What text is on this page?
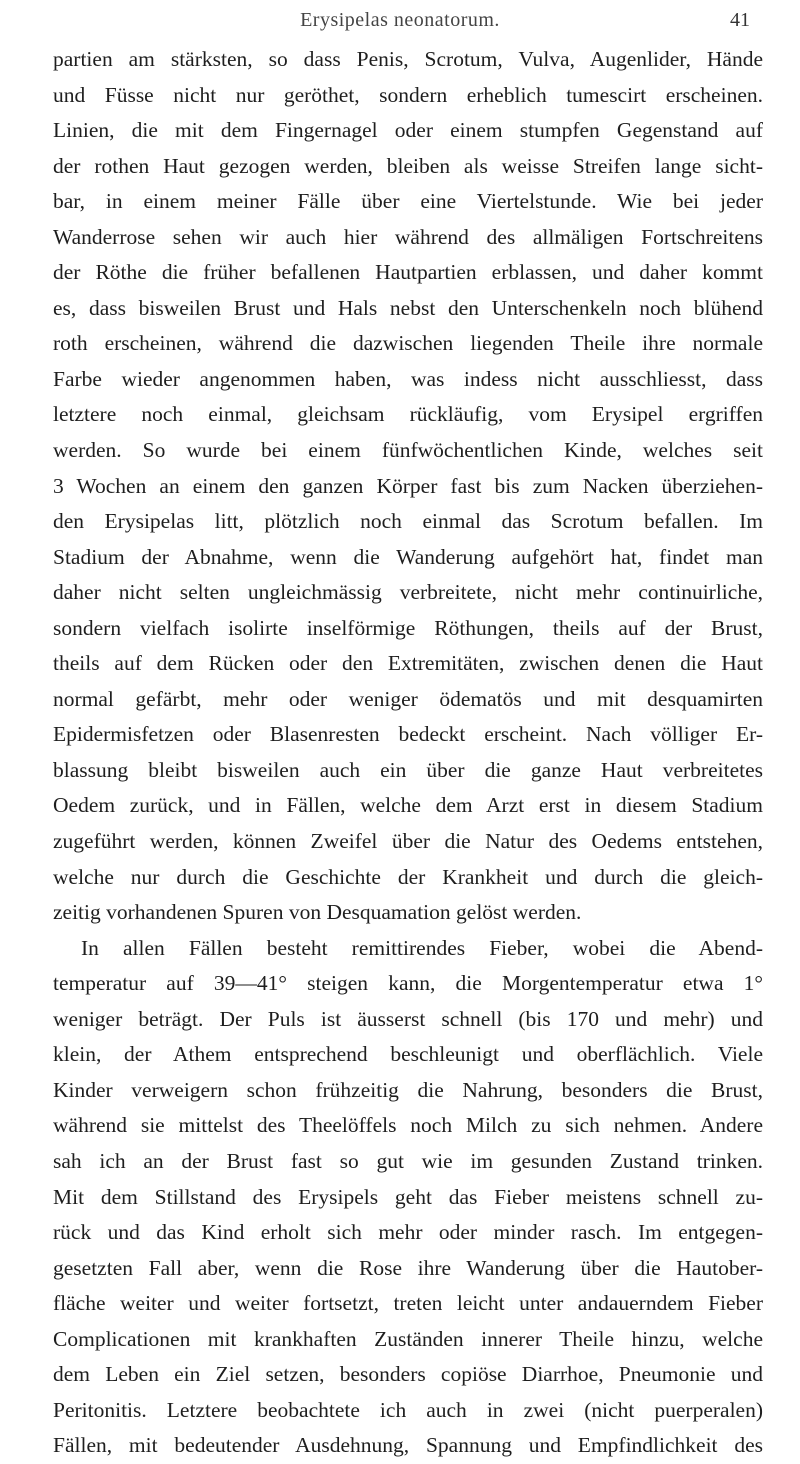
Erysipelas neonatorum.	41
partien am stärksten, so dass Penis, Scrotum, Vulva, Augenlider, Hände
und Füsse nicht nur geröthet, sondern erheblich tumescirt erscheinen.
Linien, die mit dem Fingernagel oder einem stumpfen Gegenstand auf
der rothen Haut gezogen werden, bleiben als weisse Streifen lange sicht-
bar, in einem meiner Fälle über eine Viertelstunde. Wie bei jeder
Wanderrose sehen wir auch hier während des allmäligen Fortschreitens
der Röthe die früher befallenen Hautpartien erblassen, und daher kommt
es, dass bisweilen Brust und Hals nebst den Unterschenkeln noch blühend
roth erscheinen, während die dazwischen liegenden Theile ihre normale
Farbe wieder angenommen haben, was indess nicht ausschliesst, dass
letztere noch einmal, gleichsam rückläufig, vom Erysipel ergriffen
werden. So wurde bei einem fünfwöchentlichen Kinde, welches seit
3 Wochen an einem den ganzen Körper fast bis zum Nacken überziehen-
den Erysipelas litt, plötzlich noch einmal das Scrotum befallen. Im
Stadium der Abnahme, wenn die Wanderung aufgehört hat, findet man
daher nicht selten ungleichmässig verbreitete, nicht mehr continuirliche,
sondern vielfach isolirte inselförmige Röthungen, theils auf der Brust,
theils auf dem Rücken oder den Extremitäten, zwischen denen die Haut
normal gefärbt, mehr oder weniger ödematös und mit desquamirten
Epidermisfetzen oder Blasenresten bedeckt erscheint. Nach völliger Er-
blassung bleibt bisweilen auch ein über die ganze Haut verbreitetes
Oedem zurück, und in Fällen, welche dem Arzt erst in diesem Stadium
zugeführt werden, können Zweifel über die Natur des Oedems entstehen,
welche nur durch die Geschichte der Krankheit und durch die gleich-
zeitig vorhandenen Spuren von Desquamation gelöst werden.
In allen Fällen besteht remittirendes Fieber, wobei die Abend-
temperatur auf 39—41° steigen kann, die Morgentemperatur etwa 1°
weniger beträgt. Der Puls ist äusserst schnell (bis 170 und mehr) und
klein, der Athem entsprechend beschleunigt und oberflächlich. Viele
Kinder verweigern schon frühzeitig die Nahrung, besonders die Brust,
während sie mittelst des Theelöffels noch Milch zu sich nehmen. Andere
sah ich an der Brust fast so gut wie im gesunden Zustand trinken.
Mit dem Stillstand des Erysipels geht das Fieber meistens schnell zu-
rück und das Kind erholt sich mehr oder minder rasch. Im entgegen-
gesetzten Fall aber, wenn die Rose ihre Wanderung über die Hautober-
fläche weiter und weiter fortsetzt, treten leicht unter andauerndem Fieber
Complicationen mit krankhaften Zuständen innerer Theile hinzu, welche
dem Leben ein Ziel setzen, besonders copiöse Diarrhoe, Pneumonie und
Peritonitis. Letztere beobachtete ich auch in zwei (nicht puerperalen)
Fällen, mit bedeutender Ausdehnung, Spannung und Empfindlichkeit des
